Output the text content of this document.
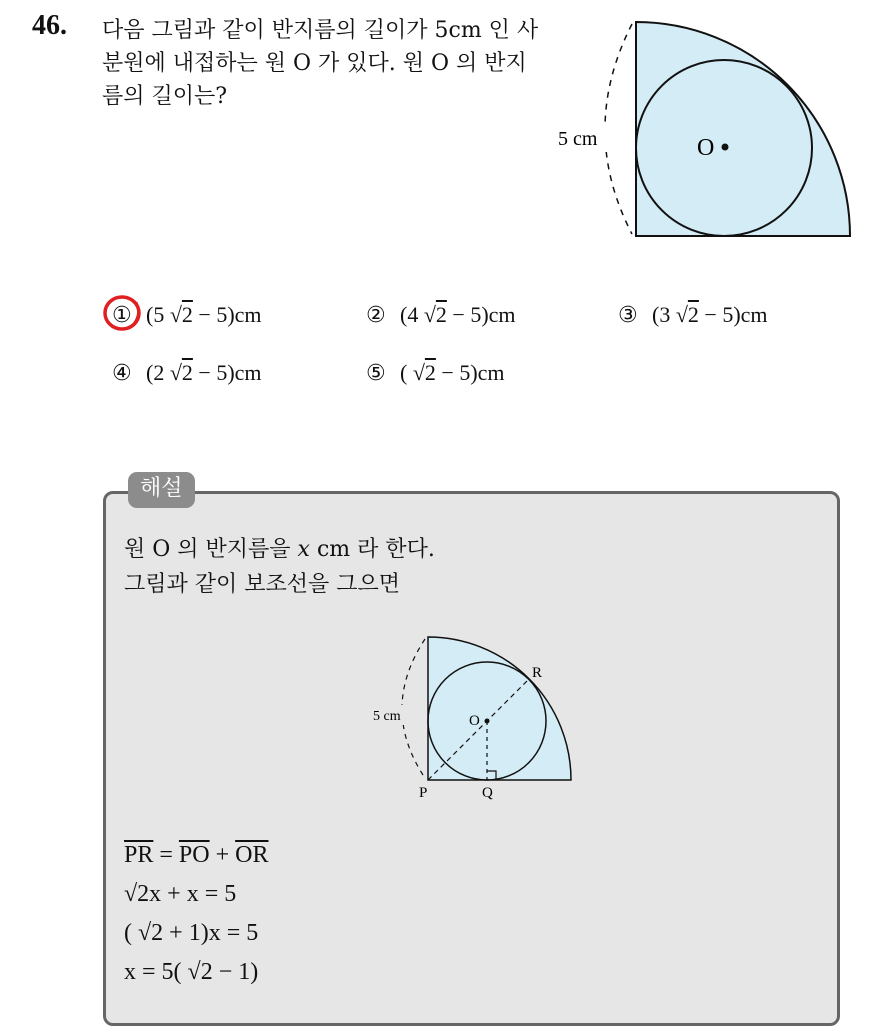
46. 다음 그림과 같이 반지름의 길이가 5cm 인 사분원에 내접하는 원 O 가 있다. 원 O 의 반지름의 길이는?
O
5 cm
① (5 √2 − 5)cm	② (4 √2 − 5)cm	③ (3 √2 − 5)cm
④ (2 √2 − 5)cm	⑤ ( √2 − 5)cm
해설
원 O 의 반지름을 x cm 라 한다.
그림과 같이 보조선을 그으면
5 cm	O
P	Q
R
$\overline{PR} = \overline{PO} + \overline{OR}$
√2x + x = 5
( √2 + 1)x = 5
x = 5( √2 − 1)
